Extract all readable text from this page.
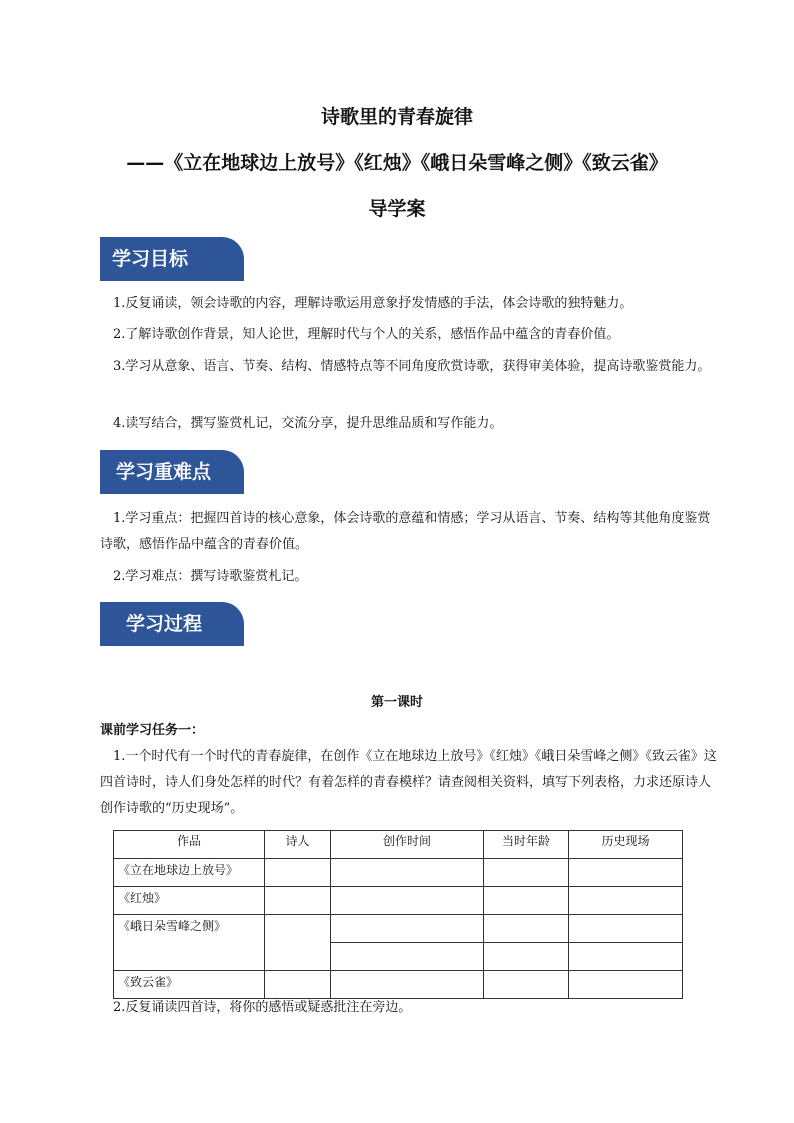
诗歌里的青春旋律
——《立在地球边上放号》《红烛》《峨日朵雪峰之侧》《致云雀》
导学案
学习目标
1.反复诵读，领会诗歌的内容，理解诗歌运用意象抒发情感的手法，体会诗歌的独特魅力。
2.了解诗歌创作背景，知人论世，理解时代与个人的关系，感悟作品中蕴含的青春价值。
3.学习从意象、语言、节奏、结构、情感特点等不同角度欣赏诗歌，获得审美体验，提高诗歌鉴赏能力。
4.读写结合，撰写鉴赏札记，交流分享，提升思维品质和写作能力。
学习重难点
1.学习重点：把握四首诗的核心意象，体会诗歌的意蕴和情感；学习从语言、节奏、结构等其他角度鉴赏诗歌，感悟作品中蕴含的青春价值。
2.学习难点：撰写诗歌鉴赏札记。
学习过程
第一课时
课前学习任务一：
1.一个时代有一个时代的青春旋律，在创作《立在地球边上放号》《红烛》《峨日朵雪峰之侧》《致云雀》这四首诗时，诗人们身处怎样的时代？有着怎样的青春模样？请查阅相关资料，填写下列表格，力求还原诗人创作诗歌的“历史现场”。
作品	诗人	创作时间	当时年龄	历史现场
《立在地球边上放号》				
《红烛》				
《峨日朵雪峰之侧》				

《致云雀》				
2.反复诵读四首诗，将你的感悟或疑惑批注在旁边。
